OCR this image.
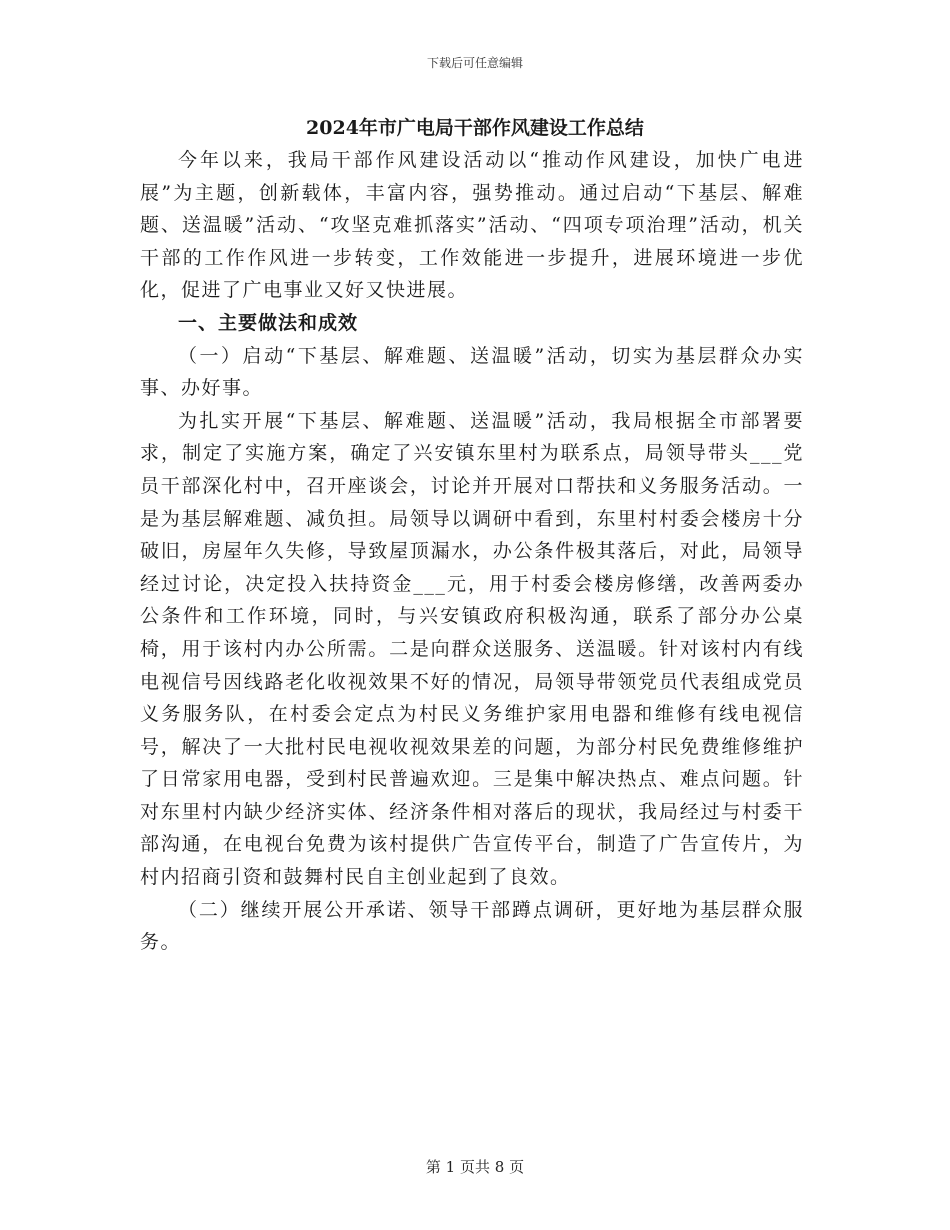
下载后可任意编辑
2024年市广电局干部作风建设工作总结

今年以来，我局干部作风建设活动以“推动作风建设，加快广电进展”为主题，创新载体，丰富内容，强势推动。通过启动“下基层、解难题、送温暖”活动、“攻坚克难抓落实”活动、“四项专项治理”活动，机关干部的工作作风进一步转变，工作效能进一步提升，进展环境进一步优化，促进了广电事业又好又快进展。

一、主要做法和成效

（一）启动“下基层、解难题、送温暖”活动，切实为基层群众办实事、办好事。

为扎实开展“下基层、解难题、送温暖”活动，我局根据全市部署要求，制定了实施方案，确定了兴安镇东里村为联系点，局领导带头___党员干部深化村中，召开座谈会，讨论并开展对口帮扶和义务服务活动。一是为基层解难题、减负担。局领导以调研中看到，东里村村委会楼房十分破旧，房屋年久失修，导致屋顶漏水，办公条件极其落后，对此，局领导经过讨论，决定投入扶持资金___元，用于村委会楼房修缮，改善两委办公条件和工作环境，同时，与兴安镇政府积极沟通，联系了部分办公桌椅，用于该村内办公所需。二是向群众送服务、送温暖。针对该村内有线电视信号因线路老化收视效果不好的情况，局领导带领党员代表组成党员义务服务队，在村委会定点为村民义务维护家用电器和维修有线电视信号，解决了一大批村民电视收视效果差的问题，为部分村民免费维修维护了日常家用电器，受到村民普遍欢迎。三是集中解决热点、难点问题。针对东里村内缺少经济实体、经济条件相对落后的现状，我局经过与村委干部沟通，在电视台免费为该村提供广告宣传平台，制造了广告宣传片，为村内招商引资和鼓舞村民自主创业起到了良效。

（二）继续开展公开承诺、领导干部蹲点调研，更好地为基层群众服务。

第 1 页共 8 页
